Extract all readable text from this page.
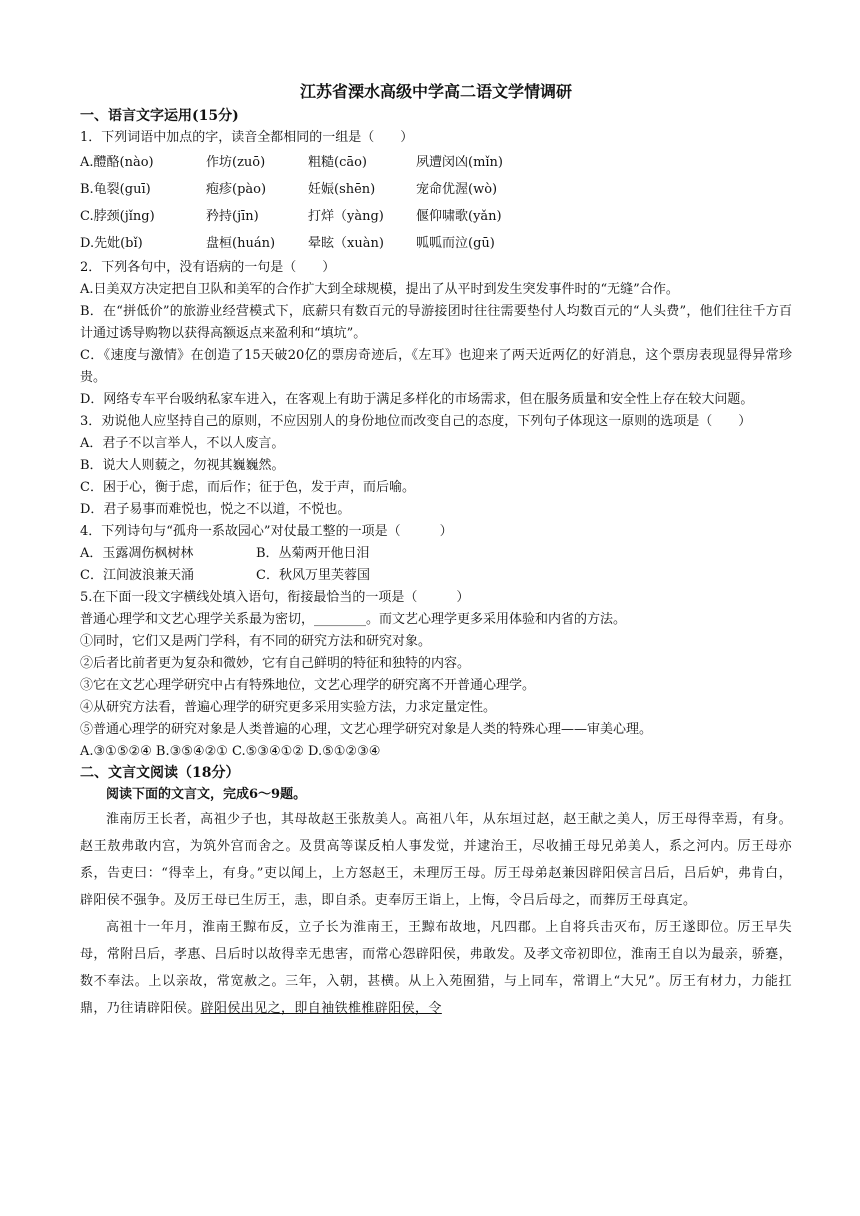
江苏省溧水高级中学高二语文学情调研
一、语言文字运用(15分)
1．下列词语中加点的字，读音全都相同的一组是（　　）
A.醴酪(nào)	作坊(zuō)	粗糙(cāo)	夙遭闵凶(mǐn)
B.龟裂(guī)	疱疹(pào)	妊娠(shēn)	宠命优渥(wò)
C.脖颈(jǐng)	矜持(jīn)	打烊（yàng)	偃仰啸歌(yǎn)
D.先妣(bǐ)	盘桓(huán)	晕眩（xuàn)	呱呱而泣(gū)
2．下列各句中，没有语病的一句是（　　）
A.日美双方决定把自卫队和美军的合作扩大到全球规模，提出了从平时到发生突发事件时的“无缝”合作。
B．在“拼低价”的旅游业经营模式下，底薪只有数百元的导游接团时往往需要垫付人均数百元的“人头费”，他们往往千方百计通过诱导购物以获得高额返点来盈利和“填坑”。
C．《速度与激情》在创造了15天破20亿的票房奇迹后，《左耳》也迎来了两天近两亿的好消息，这个票房表现显得异常珍贵。
D．网络专车平台吸纳私家车进入，在客观上有助于满足多样化的市场需求，但在服务质量和安全性上存在较大问题。
3．劝说他人应坚持自己的原则，不应因别人的身份地位而改变自己的态度，下列句子体现这一原则的选项是（　　）
A．君子不以言举人，不以人废言。
B．说大人则藐之，勿视其巍巍然。
C．困于心，衡于虑，而后作；征于色，发于声，而后喻。
D．君子易事而难悦也，悦之不以道，不悦也。
4．下列诗句与“孤舟一系故园心”对仗最工整的一项是（　　　）
A．玉露凋伤枫树林	B．丛菊两开他日泪
C．江间波浪兼天涌	C．秋风万里芙蓉国
5.在下面一段文字横线处填入语句，衔接最恰当的一项是（　　　）
普通心理学和文艺心理学关系最为密切，________。而文艺心理学更多采用体验和内省的方法。
①同时，它们又是两门学科，有不同的研究方法和研究对象。
②后者比前者更为复杂和微妙，它有自己鲜明的特征和独特的内容。
③它在文艺心理学研究中占有特殊地位，文艺心理学的研究离不开普通心理学。
④从研究方法看，普遍心理学的研究更多采用实验方法，力求定量定性。
⑤普通心理学的研究对象是人类普遍的心理，文艺心理学研究对象是人类的特殊心理——审美心理。
A.③①⑤②④ B.③⑤④②① C.⑤③④①② D.⑤①②③④
二、文言文阅读（18分）
阅读下面的文言文，完成6～9题。
淮南厉王长者，高祖少子也，其母故赵王张敖美人。高祖八年，从东垣过赵，赵王献之美人，厉王母得幸焉，有身。赵王敖弗敢内宫，为筑外宫而舍之。及贯高等谋反柏人事发觉，并逮治王，尽收捕王母兄弟美人，系之河内。厉王母亦系，告吏曰：“得幸上，有身。”吏以闻上，上方怒赵王，未理厉王母。厉王母弟赵兼因辟阳侯言吕后，吕后妒，弗肯白，辟阳侯不强争。及厉王母已生厉王，恚，即自杀。吏奉厉王诣上，上悔，令吕后母之，而葬厉王母真定。
高祖十一年月，淮南王黥布反，立子长为淮南王，王黥布故地，凡四郡。上自将兵击灭布，厉王遂即位。厉王早失母，常附吕后，孝惠、吕后时以故得幸无患害，而常心怨辟阳侯，弗敢发。及孝文帝初即位，淮南王自以为最亲，骄蹇，数不奉法。上以亲故，常宽赦之。三年，入朝，甚横。从上入苑囿猎，与上同车，常谓上“大兄”。厉王有材力，力能扛鼎，乃往请辟阳侯。辟阳侯出见之，即自袖铁椎椎辟阳侯，令
